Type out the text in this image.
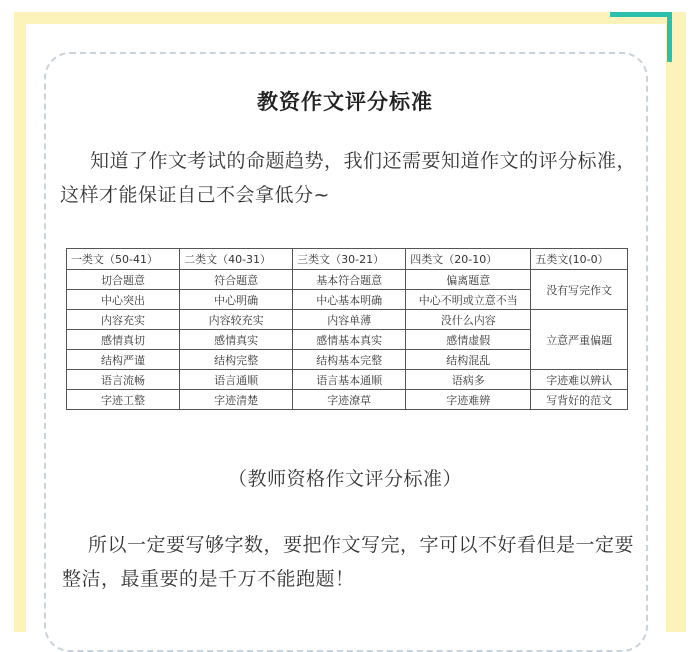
教资作文评分标准
知道了作文考试的命题趋势，我们还需要知道作文的评分标准，这样才能保证自己不会拿低分~
一类文（50-41）	二类文（40-31）	三类文（30-21）	四类文（20-10）	五类文(10-0）
切合题意	符合题意	基本符合题意	偏离题意	没有写完作文
中心突出	中心明确	中心基本明确	中心不明或立意不当	
内容充实	内容较充实	内容单薄	没什么内容	立意严重偏题
感情真切	感情真实	感情基本真实	感情虚假	
结构严谨	结构完整	结构基本完整	结构混乱	
语言流畅	语言通顺	语言基本通顺	语病多	字迹难以辨认
字迹工整	字迹清楚	字迹潦草	字迹难辨	写背好的范文
（教师资格作文评分标准）
所以一定要写够字数，要把作文写完，字可以不好看但是一定要整洁，最重要的是千万不能跑题！
